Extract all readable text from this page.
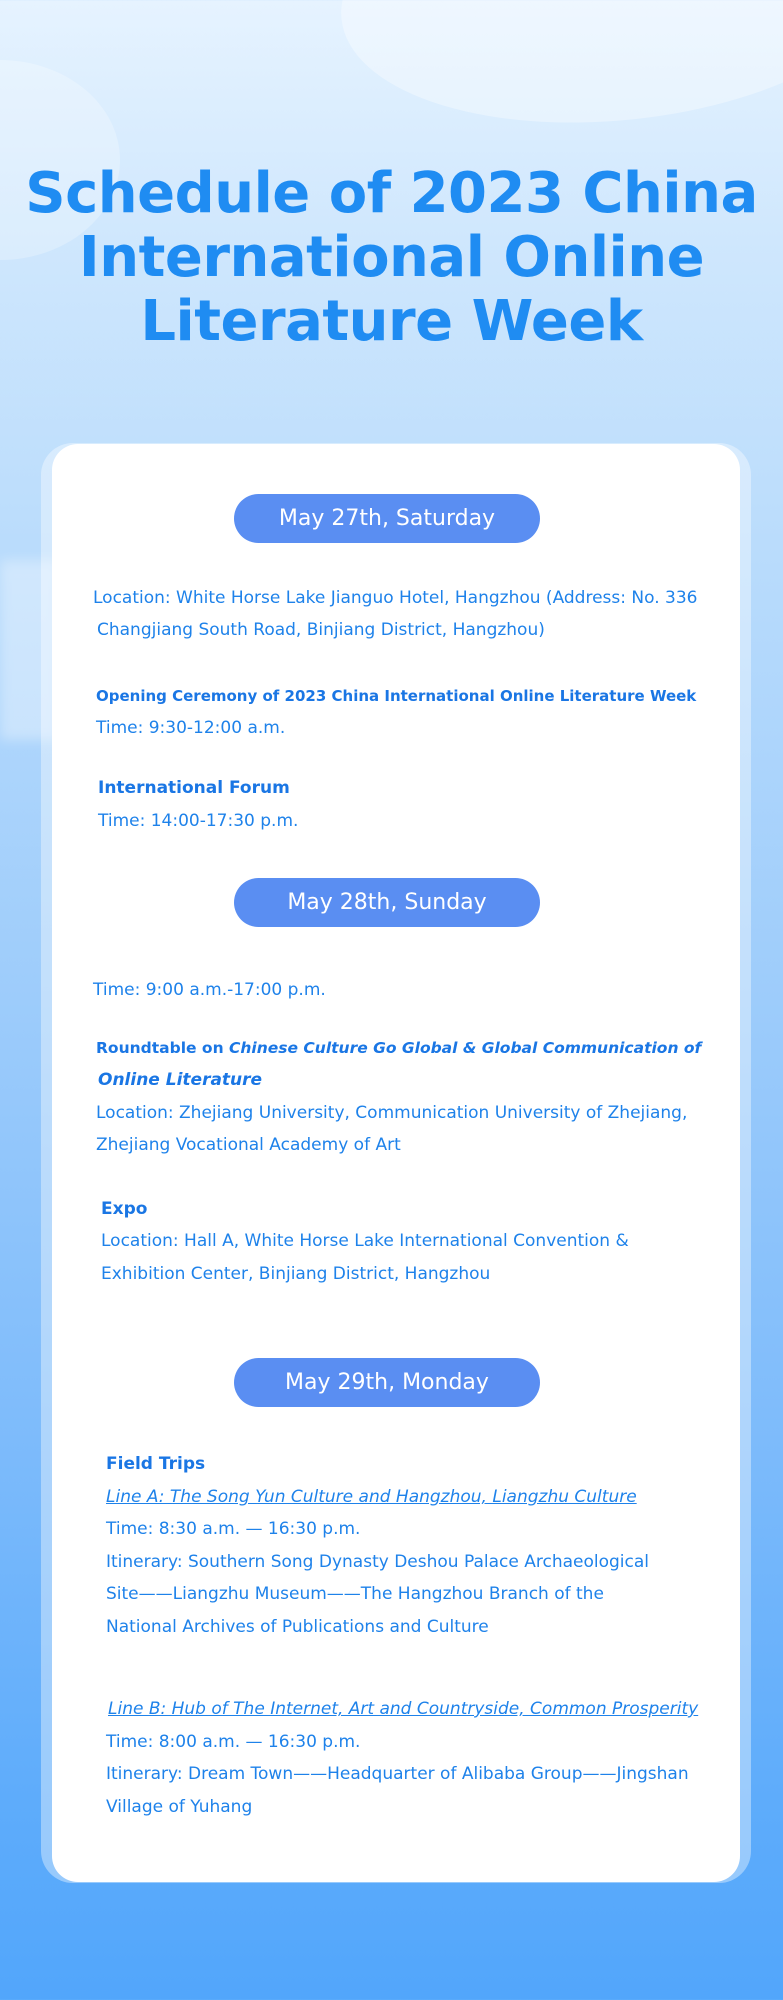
Schedule of 2023 China
International Online
Literature Week
May 27th, Saturday
Location: White Horse Lake Jianguo Hotel, Hangzhou (Address: No. 336
Changjiang South Road, Binjiang District, Hangzhou)
Opening Ceremony of 2023 China International Online Literature Week
Time: 9:30-12:00 a.m.
International Forum
Time: 14:00-17:30 p.m.
May 28th, Sunday
Time: 9:00 a.m.-17:00 p.m.
Roundtable on Chinese Culture Go Global & Global Communication of
Online Literature
Location: Zhejiang University, Communication University of Zhejiang,
Zhejiang Vocational Academy of Art
Expo
Location: Hall A, White Horse Lake International Convention &
Exhibition Center, Binjiang District, Hangzhou
May 29th, Monday
Field Trips
Line A: The Song Yun Culture and Hangzhou, Liangzhu Culture
Time: 8:30 a.m. — 16:30 p.m.
Itinerary: Southern Song Dynasty Deshou Palace Archaeological
Site——Liangzhu Museum——The Hangzhou Branch of the
National Archives of Publications and Culture
Line B: Hub of The Internet, Art and Countryside, Common Prosperity
Time: 8:00 a.m. — 16:30 p.m.
Itinerary: Dream Town——Headquarter of Alibaba Group——Jingshan
Village of Yuhang
